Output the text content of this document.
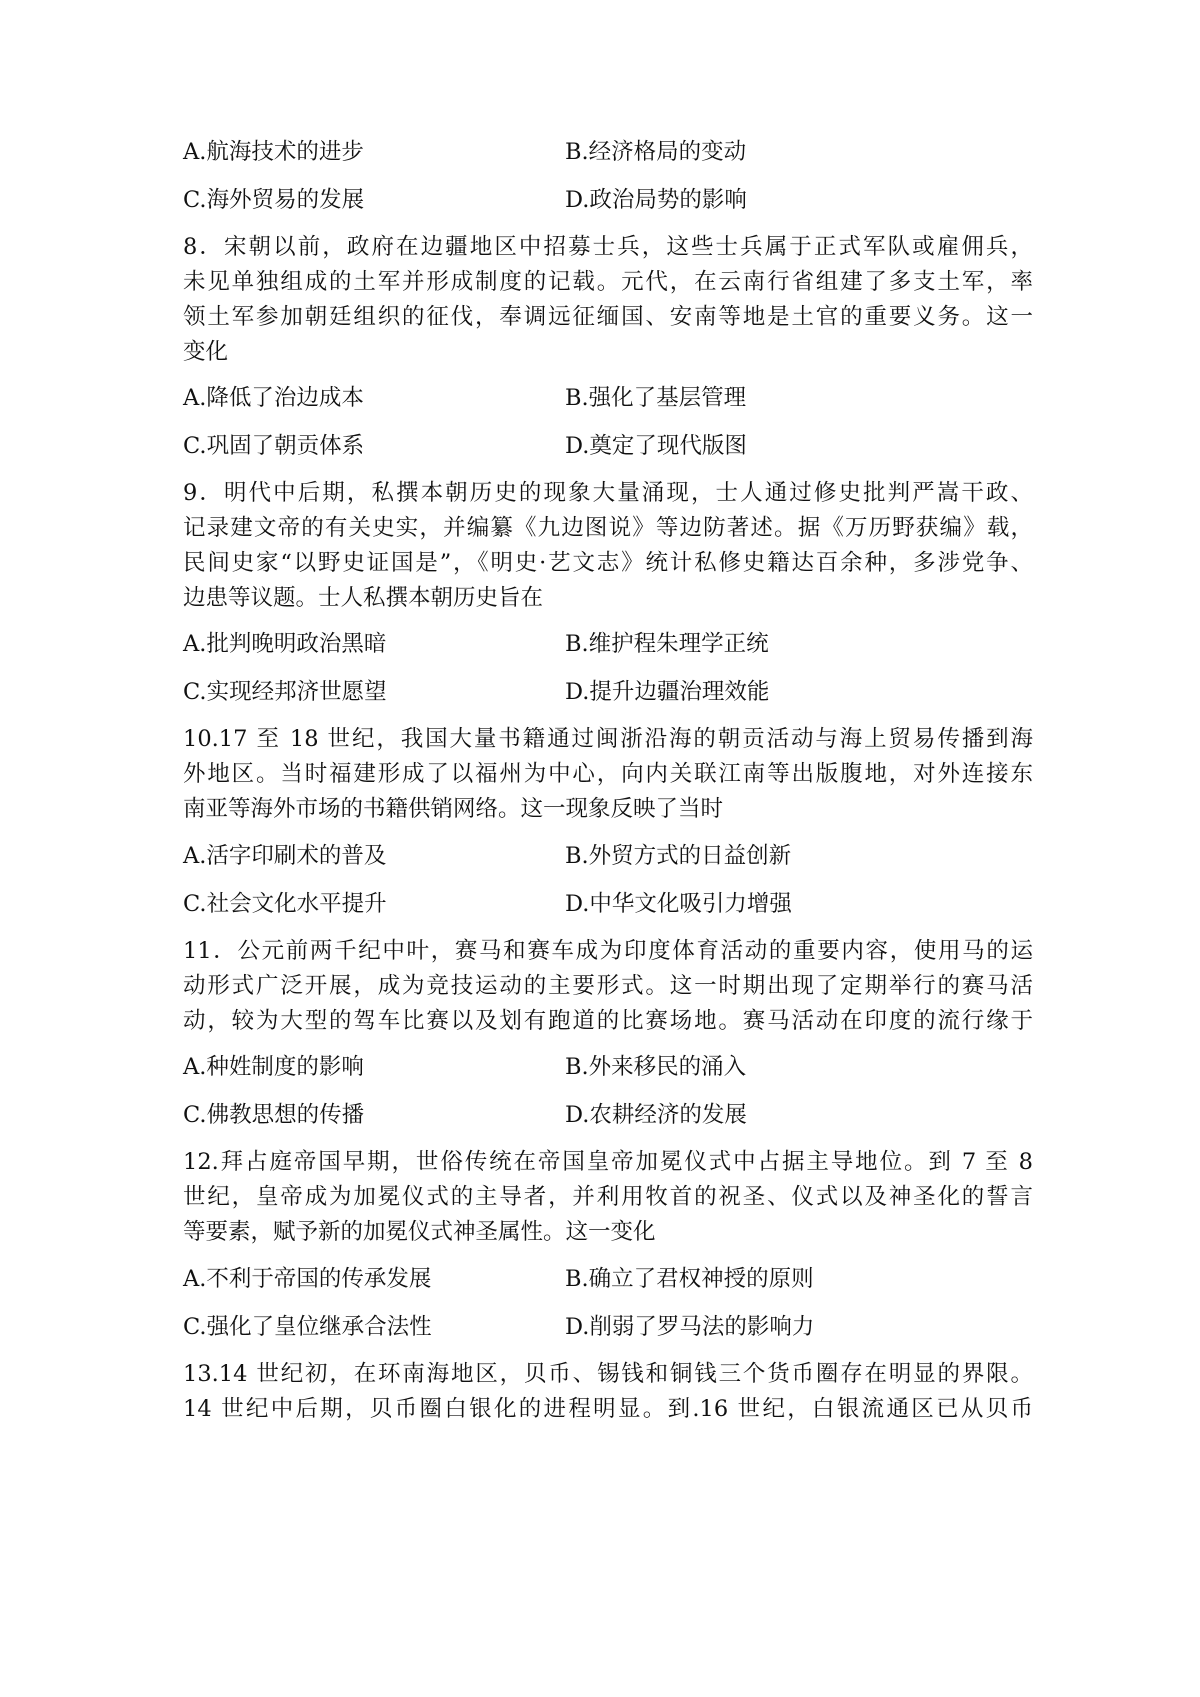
A.航海技术的进步	B.经济格局的变动
C.海外贸易的发展	D.政治局势的影响
8．宋朝以前，政府在边疆地区中招募士兵，这些士兵属于正式军队或雇佣兵，
未见单独组成的土军并形成制度的记载。元代，在云南行省组建了多支土军，率
领土军参加朝廷组织的征伐，奉调远征缅国、安南等地是土官的重要义务。这一
变化
A.降低了治边成本	B.强化了基层管理
C.巩固了朝贡体系	D.奠定了现代版图
9．明代中后期，私撰本朝历史的现象大量涌现，士人通过修史批判严嵩干政、
记录建文帝的有关史实，并编纂《九边图说》等边防著述。据《万历野获编》载，
民间史家“以野史证国是”，《明史·艺文志》统计私修史籍达百余种，多涉党争、
边患等议题。士人私撰本朝历史旨在
A.批判晚明政治黑暗	B.维护程朱理学正统
C.实现经邦济世愿望	D.提升边疆治理效能
10.17 至 18 世纪，我国大量书籍通过闽浙沿海的朝贡活动与海上贸易传播到海
外地区。当时福建形成了以福州为中心，向内关联江南等出版腹地，对外连接东
南亚等海外市场的书籍供销网络。这一现象反映了当时
A.活字印刷术的普及	B.外贸方式的日益创新
C.社会文化水平提升	D.中华文化吸引力增强
11．公元前两千纪中叶，赛马和赛车成为印度体育活动的重要内容，使用马的运
动形式广泛开展，成为竞技运动的主要形式。这一时期出现了定期举行的赛马活
动，较为大型的驾车比赛以及划有跑道的比赛场地。赛马活动在印度的流行缘于
A.种姓制度的影响	B.外来移民的涌入
C.佛教思想的传播	D.农耕经济的发展
12.拜占庭帝国早期，世俗传统在帝国皇帝加冕仪式中占据主导地位。到 7 至 8
世纪，皇帝成为加冕仪式的主导者，并利用牧首的祝圣、仪式以及神圣化的誓言
等要素，赋予新的加冕仪式神圣属性。这一变化
A.不利于帝国的传承发展	B.确立了君权神授的原则
C.强化了皇位继承合法性	D.削弱了罗马法的影响力
13.14 世纪初，在环南海地区，贝币、锡钱和铜钱三个货币圈存在明显的界限。
14 世纪中后期，贝币圈白银化的进程明显。到.16 世纪，白银流通区已从贝币
